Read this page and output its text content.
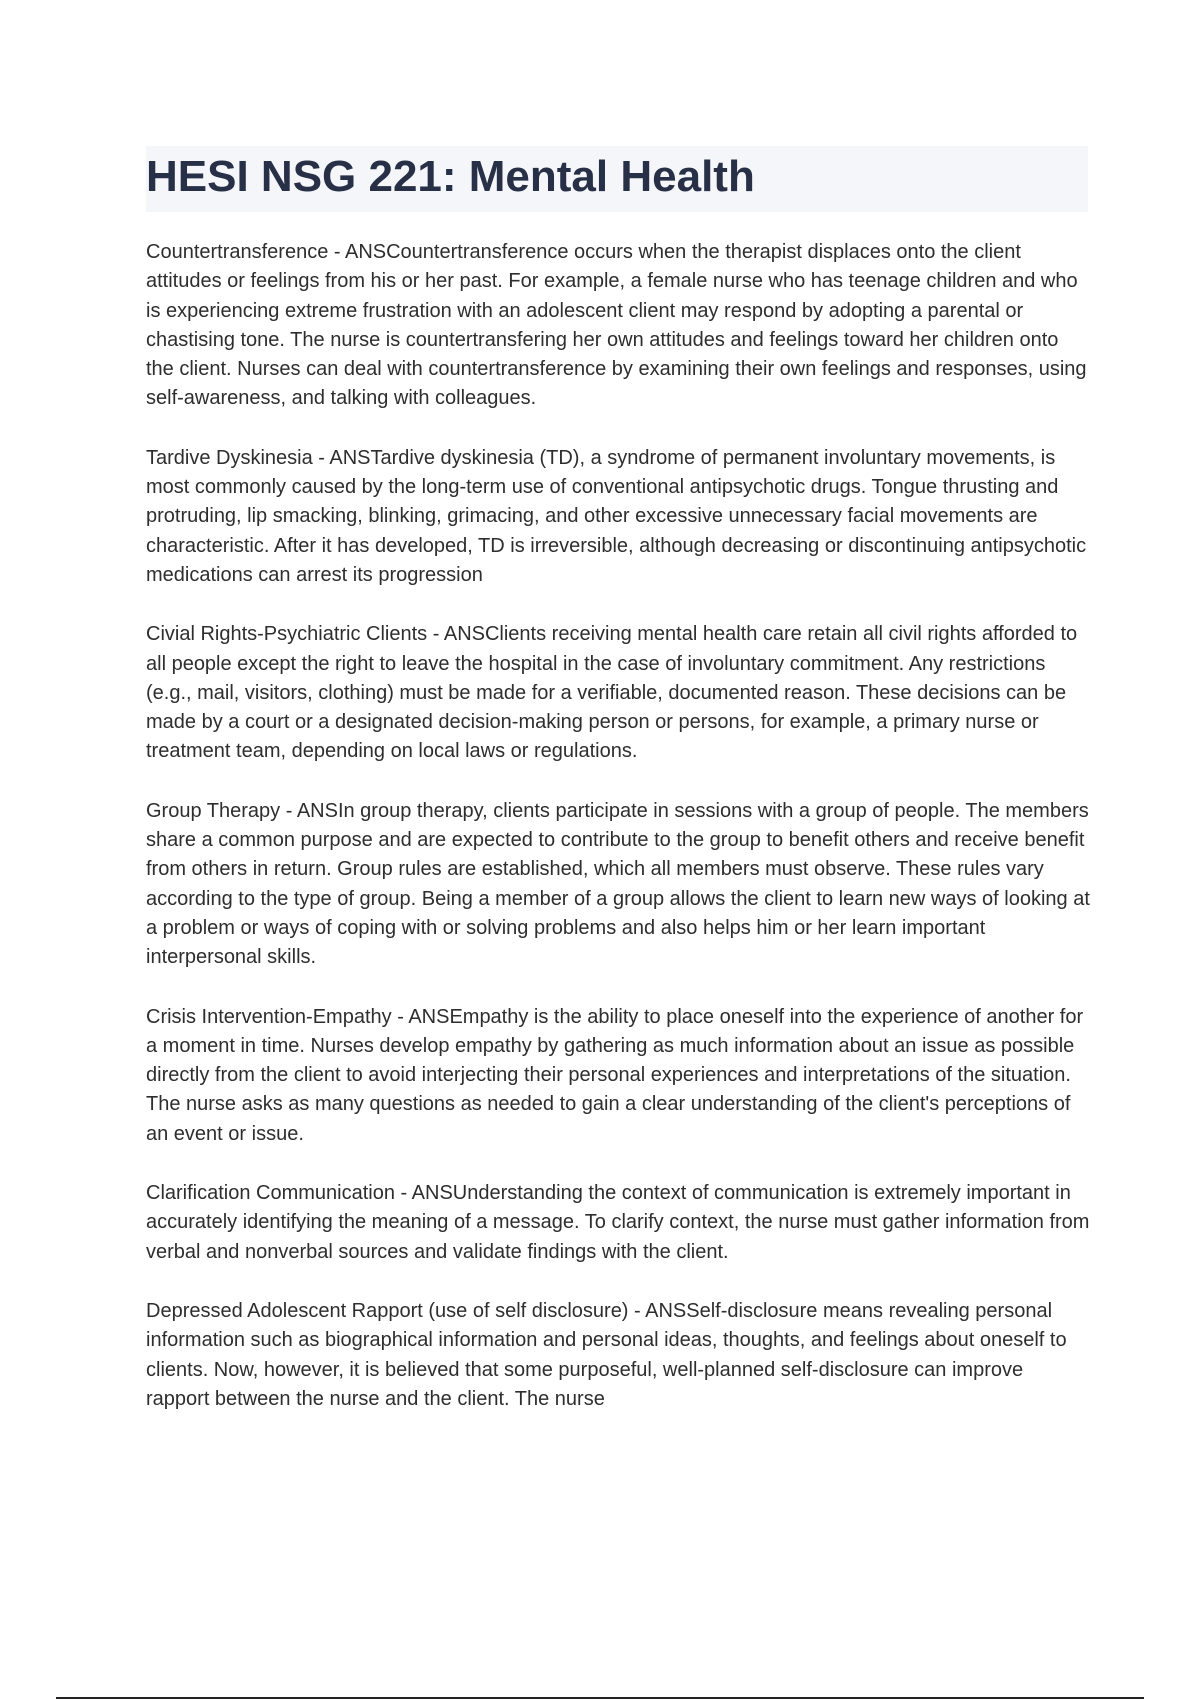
HESI NSG 221: Mental Health

Countertransference - ANSCountertransference occurs when the therapist displaces onto the client attitudes or feelings from his or her past. For example, a female nurse who has teenage children and who is experiencing extreme frustration with an adolescent client may respond by adopting a parental or chastising tone. The nurse is countertransfering her own attitudes and feelings toward her children onto the client. Nurses can deal with countertransference by examining their own feelings and responses, using self-awareness, and talking with colleagues.

Tardive Dyskinesia - ANSTardive dyskinesia (TD), a syndrome of permanent involuntary movements, is most commonly caused by the long-term use of conventional antipsychotic drugs. Tongue thrusting and protruding, lip smacking, blinking, grimacing, and other excessive unnecessary facial movements are characteristic. After it has developed, TD is irreversible, although decreasing or discontinuing antipsychotic medications can arrest its progression

Civial Rights-Psychiatric Clients - ANSClients receiving mental health care retain all civil rights afforded to all people except the right to leave the hospital in the case of involuntary commitment. Any restrictions (e.g., mail, visitors, clothing) must be made for a verifiable, documented reason. These decisions can be made by a court or a designated decision-making person or persons, for example, a primary nurse or treatment team, depending on local laws or regulations.

Group Therapy - ANSIn group therapy, clients participate in sessions with a group of people. The members share a common purpose and are expected to contribute to the group to benefit others and receive benefit from others in return. Group rules are established, which all members must observe. These rules vary according to the type of group. Being a member of a group allows the client to learn new ways of looking at a problem or ways of coping with or solving problems and also helps him or her learn important interpersonal skills.

Crisis Intervention-Empathy - ANSEmpathy is the ability to place oneself into the experience of another for a moment in time. Nurses develop empathy by gathering as much information about an issue as possible directly from the client to avoid interjecting their personal experiences and interpretations of the situation. The nurse asks as many questions as needed to gain a clear understanding of the client's perceptions of an event or issue.

Clarification Communication - ANSUnderstanding the context of communication is extremely important in accurately identifying the meaning of a message. To clarify context, the nurse must gather information from verbal and nonverbal sources and validate findings with the client.

Depressed Adolescent Rapport (use of self disclosure) - ANSSelf-disclosure means revealing personal information such as biographical information and personal ideas, thoughts, and feelings about oneself to clients. Now, however, it is believed that some purposeful, well-planned self-disclosure can improve rapport between the nurse and the client. The nurse
